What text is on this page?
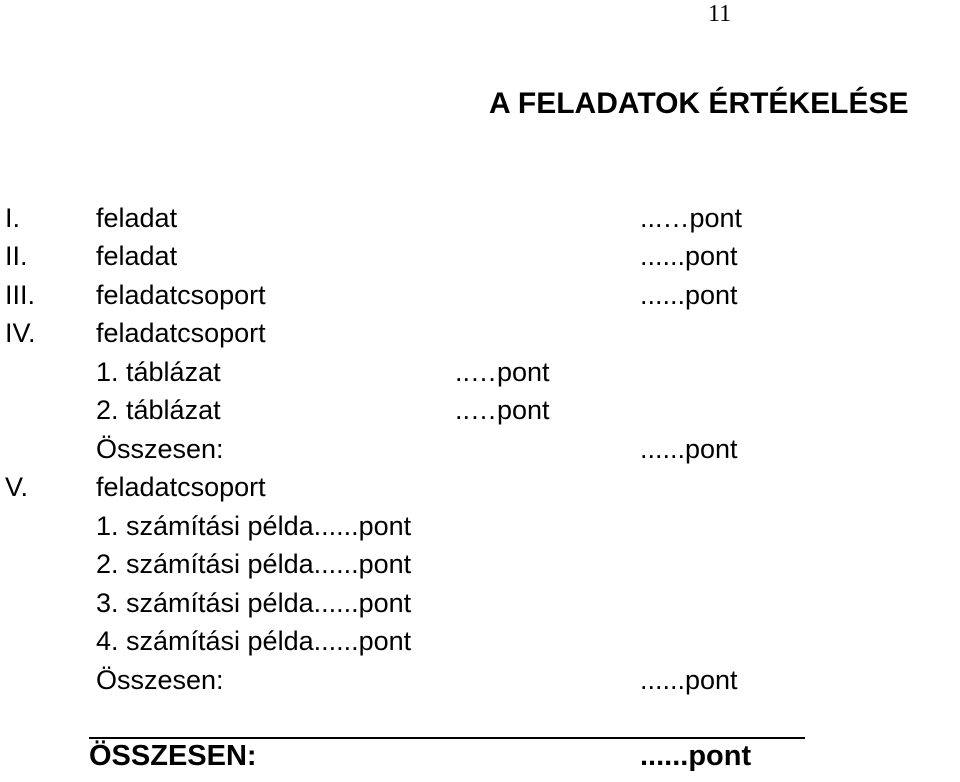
11
A FELADATOK ÉRTÉKELÉSE
I.	feladat	...…pont
II.	feladat	......pont
III. feladatcsoport	......pont
IV. feladatcsoport
1. táblázat	..…pont
2. táblázat	..…pont
Összesen:	......pont
V.	feladatcsoport
1. számítási példa......pont
2. számítási példa......pont
3. számítási példa......pont
4. számítási példa......pont
Összesen:	......pont
ÖSSZESEN:	......pont
